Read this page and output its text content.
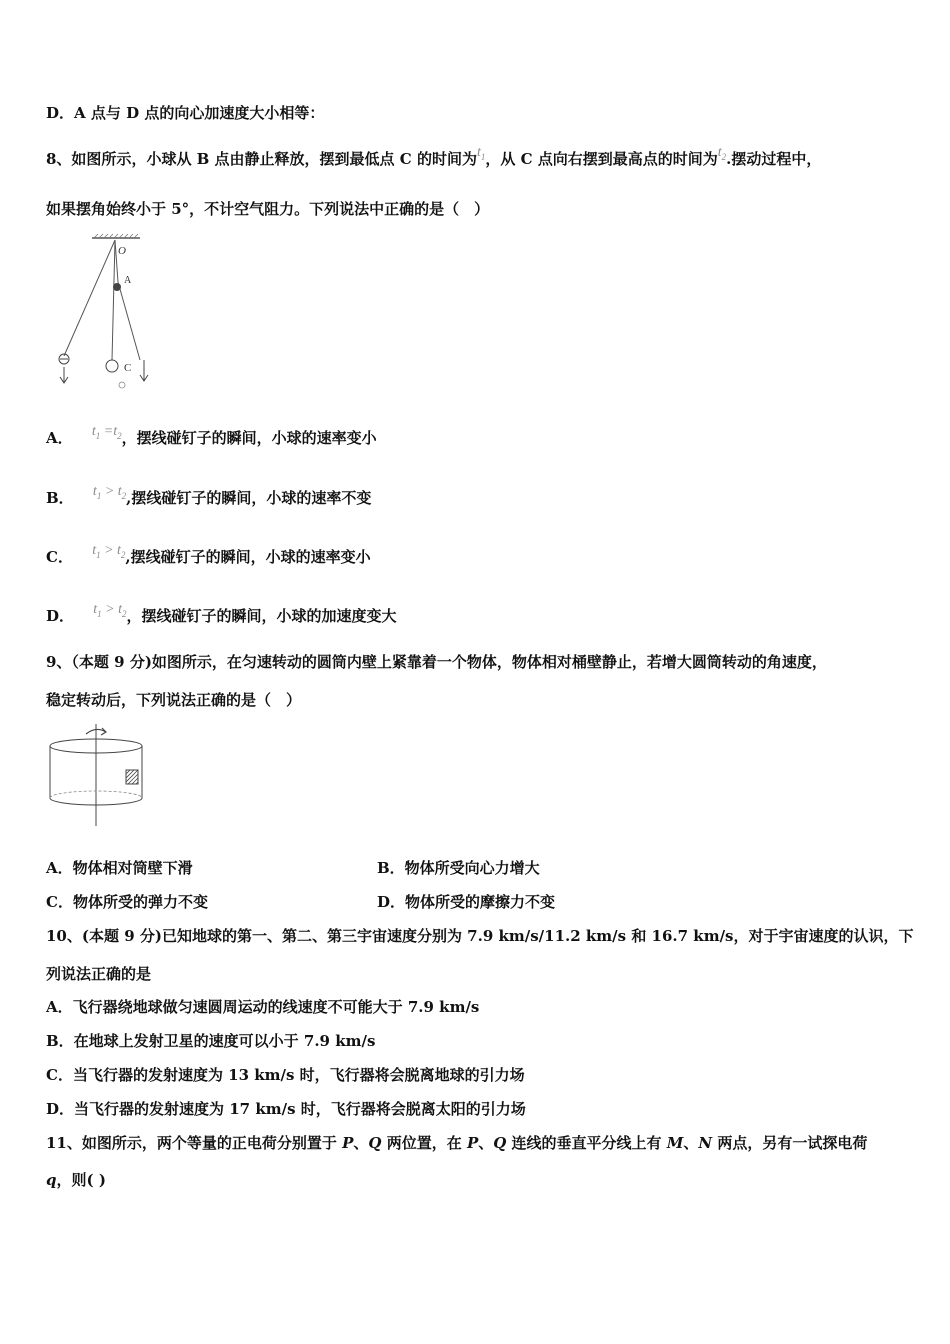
D．A 点与 D 点的向心加速度大小相等：
8、如图所示，小球从 B 点由静止释放，摆到最低点 C 的时间为$t_1$，从 C 点向右摆到最高点的时间为$t_2$.摆动过程中，
如果摆角始终小于 5°，不计空气阻力。下列说法中正确的是（　）
O
A
C
A． $t_1 =t_2$，摆线碰钉子的瞬间，小球的速率变小
B． $t_1 > t_2$,摆线碰钉子的瞬间，小球的速率不变
C． $t_1 > t_2$,摆线碰钉子的瞬间，小球的速率变小
D． $t_1 > t_2$，摆线碰钉子的瞬间，小球的加速度变大
9、（本题 9 分)如图所示，在匀速转动的圆筒内壁上紧靠着一个物体，物体相对桶壁静止，若增大圆筒转动的角速度，
稳定转动后，下列说法正确的是（　）
A．物体相对筒壁下滑	B．物体所受向心力增大
C．物体所受的弹力不变	D．物体所受的摩擦力不变
10、(本题 9 分)已知地球的第一、第二、第三宇宙速度分别为 7.9 km/s/11.2 km/s 和 16.7 km/s，对于宇宙速度的认识，下
列说法正确的是
A．飞行器绕地球做匀速圆周运动的线速度不可能大于 7.9 km/s
B．在地球上发射卫星的速度可以小于 7.9 km/s
C．当飞行器的发射速度为 13 km/s 时，飞行器将会脱离地球的引力场
D．当飞行器的发射速度为 17 km/s 时，飞行器将会脱离太阳的引力场
11、如图所示，两个等量的正电荷分别置于 P、Q 两位置，在 P、Q 连线的垂直平分线上有 M、N 两点，另有一试探电荷
q，则( )
